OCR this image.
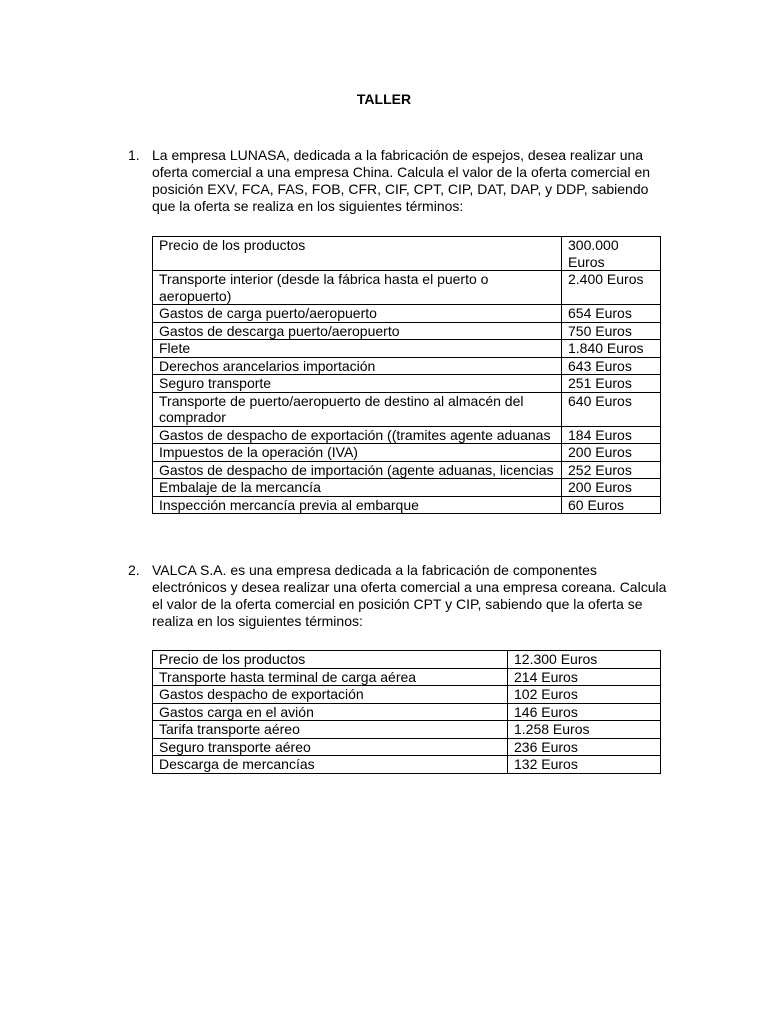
TALLER
1. La empresa LUNASA, dedicada a la fabricación de espejos, desea realizar una oferta comercial a una empresa China. Calcula el valor de la oferta comercial en posición EXV, FCA, FAS, FOB, CFR, CIF, CPT, CIP, DAT, DAP, y DDP, sabiendo que la oferta se realiza en los siguientes términos:

Precio de los productos	300.000 Euros
Transporte interior (desde la fábrica hasta el puerto o aeropuerto)	2.400 Euros
Gastos de carga puerto/aeropuerto	654 Euros
Gastos de descarga puerto/aeropuerto	750 Euros
Flete	1.840 Euros
Derechos arancelarios importación	643 Euros
Seguro transporte	251 Euros
Transporte de puerto/aeropuerto de destino al almacén del comprador	640 Euros
Gastos de despacho de exportación ((tramites agente aduanas	184 Euros
Impuestos de la operación (IVA)	200 Euros
Gastos de despacho de importación (agente aduanas, licencias	252 Euros
Embalaje de la mercancía	200 Euros
Inspección mercancía previa al embarque	60 Euros
2. VALCA S.A. es una empresa dedicada a la fabricación de componentes electrónicos y desea realizar una oferta comercial a una empresa coreana. Calcula el valor de la oferta comercial en posición CPT y CIP, sabiendo que la oferta se realiza en los siguientes términos:

Precio de los productos	12.300 Euros
Transporte hasta terminal de carga aérea	214 Euros
Gastos despacho de exportación	102 Euros
Gastos carga en el avión	146 Euros
Tarifa transporte aéreo	1.258 Euros
Seguro transporte aéreo	236 Euros
Descarga de mercancías	132 Euros
